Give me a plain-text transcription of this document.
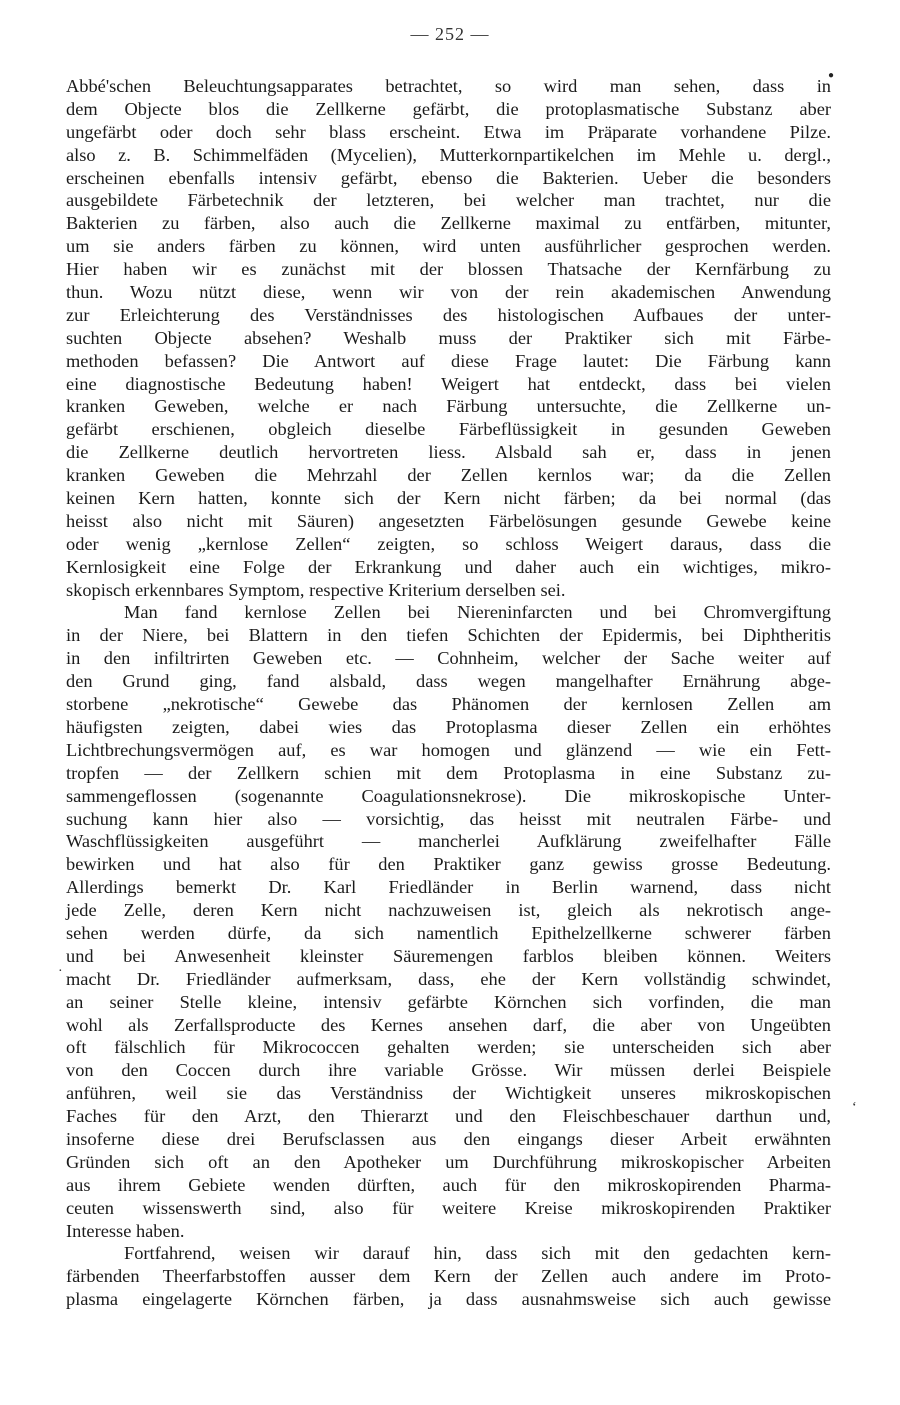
— 252 —

Abbé'schen Beleuchtungsapparates betrachtet, so wird man sehen, dass in
dem Objecte blos die Zellkerne gefärbt, die protoplasmatische Substanz aber
ungefärbt oder doch sehr blass erscheint. Etwa im Präparate vorhandene Pilze.
also z. B. Schimmelfäden (Mycelien), Mutterkornpartikelchen im Mehle u. dergl.,
erscheinen ebenfalls intensiv gefärbt, ebenso die Bakterien. Ueber die besonders
ausgebildete Färbetechnik der letzteren, bei welcher man trachtet, nur die
Bakterien zu färben, also auch die Zellkerne maximal zu entfärben, mitunter,
um sie anders färben zu können, wird unten ausführlicher gesprochen werden.
Hier haben wir es zunächst mit der blossen Thatsache der Kernfärbung zu
thun. Wozu nützt diese, wenn wir von der rein akademischen Anwendung
zur Erleichterung des Verständnisses des histologischen Aufbaues der unter-
suchten Objecte absehen? Weshalb muss der Praktiker sich mit Färbe-
methoden befassen? Die Antwort auf diese Frage lautet: Die Färbung kann
eine diagnostische Bedeutung haben! Weigert hat entdeckt, dass bei vielen
kranken Geweben, welche er nach Färbung untersuchte, die Zellkerne un-
gefärbt erschienen, obgleich dieselbe Färbeflüssigkeit in gesunden Geweben
die Zellkerne deutlich hervortreten liess. Alsbald sah er, dass in jenen
kranken Geweben die Mehrzahl der Zellen kernlos war; da die Zellen
keinen Kern hatten, konnte sich der Kern nicht färben; da bei normal (das
heisst also nicht mit Säuren) angesetzten Färbelösungen gesunde Gewebe keine
oder wenig „kernlose Zellen“ zeigten, so schloss Weigert daraus, dass die
Kernlosigkeit eine Folge der Erkrankung und daher auch ein wichtiges, mikro-
skopisch erkennbares Symptom, respective Kriterium derselben sei.

Man fand kernlose Zellen bei Niereninfarcten und bei Chromvergiftung
in der Niere, bei Blattern in den tiefen Schichten der Epidermis, bei Diphtheritis
in den infiltrirten Geweben etc. — Cohnheim, welcher der Sache weiter auf
den Grund ging, fand alsbald, dass wegen mangelhafter Ernährung abge-
storbene „nekrotische“ Gewebe das Phänomen der kernlosen Zellen am
häufigsten zeigten, dabei wies das Protoplasma dieser Zellen ein erhöhtes
Lichtbrechungsvermögen auf, es war homogen und glänzend — wie ein Fett-
tropfen — der Zellkern schien mit dem Protoplasma in eine Substanz zu-
sammengeflossen (sogenannte Coagulationsnekrose). Die mikroskopische Unter-
suchung kann hier also — vorsichtig, das heisst mit neutralen Färbe- und
Waschflüssigkeiten ausgeführt — mancherlei Aufklärung zweifelhafter Fälle
bewirken und hat also für den Praktiker ganz gewiss grosse Bedeutung.
Allerdings bemerkt Dr. Karl Friedländer in Berlin warnend, dass nicht
jede Zelle, deren Kern nicht nachzuweisen ist, gleich als nekrotisch ange-
sehen werden dürfe, da sich namentlich Epithelzellkerne schwerer färben
und bei Anwesenheit kleinster Säuremengen farblos bleiben können. Weiters
macht Dr. Friedländer aufmerksam, dass, ehe der Kern vollständig schwindet,
an seiner Stelle kleine, intensiv gefärbte Körnchen sich vorfinden, die man
wohl als Zerfallsproducte des Kernes ansehen darf, die aber von Ungeübten
oft fälschlich für Mikrococcen gehalten werden; sie unterscheiden sich aber
von den Coccen durch ihre variable Grösse. Wir müssen derlei Beispiele
anführen, weil sie das Verständniss der Wichtigkeit unseres mikroskopischen
Faches für den Arzt, den Thierarzt und den Fleischbeschauer darthun und,
insoferne diese drei Berufsclassen aus den eingangs dieser Arbeit erwähnten
Gründen sich oft an den Apotheker um Durchführung mikroskopischer Arbeiten
aus ihrem Gebiete wenden dürften, auch für den mikroskopirenden Pharma-
ceuten wissenswerth sind, also für weitere Kreise mikroskopirenden Praktiker
Interesse haben.

Fortfahrend, weisen wir darauf hin, dass sich mit den gedachten kern-
färbenden Theerfarbstoffen ausser dem Kern der Zellen auch andere im Proto-
plasma eingelagerte Körnchen färben, ja dass ausnahmsweise sich auch gewisse

●
ʻ
·
